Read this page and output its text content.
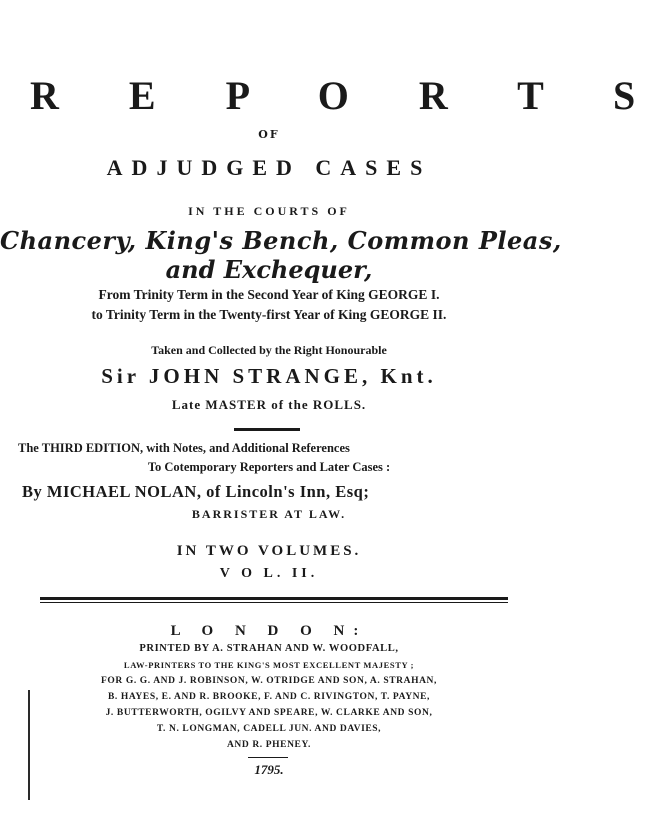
R E P O R T S
OF
ADJUDGED CASES
IN THE COURTS OF
Chancery, King's Bench, Common Pleas,
and Exchequer,
From Trinity Term in the Second Year of King GEORGE I.
to Trinity Term in the Twenty-first Year of King GEORGE II.
Taken and Collected by the Right Honourable
Sir JOHN STRANGE, Knt.
Late MASTER of the ROLLS.
The THIRD EDITION, with Notes, and Additional References
To Cotemporary Reporters and Later Cases :
By MICHAEL NOLAN, of Lincoln's Inn, Esq;
BARRISTER AT LAW.
IN TWO VOLUMES.
V O L. II.
L O N D O N:
PRINTED BY A. STRAHAN AND W. WOODFALL,
LAW-PRINTERS TO THE KING'S MOST EXCELLENT MAJESTY ;
FOR G. G. AND J. ROBINSON, W. OTRIDGE AND SON, A. STRAHAN,
B. HAYES, E. AND R. BROOKE, F. AND C. RIVINGTON, T. PAYNE,
J. BUTTERWORTH, OGILVY AND SPEARE, W. CLARKE AND SON,
T. N. LONGMAN, CADELL JUN. AND DAVIES,
AND R. PHENEY.
1795.
